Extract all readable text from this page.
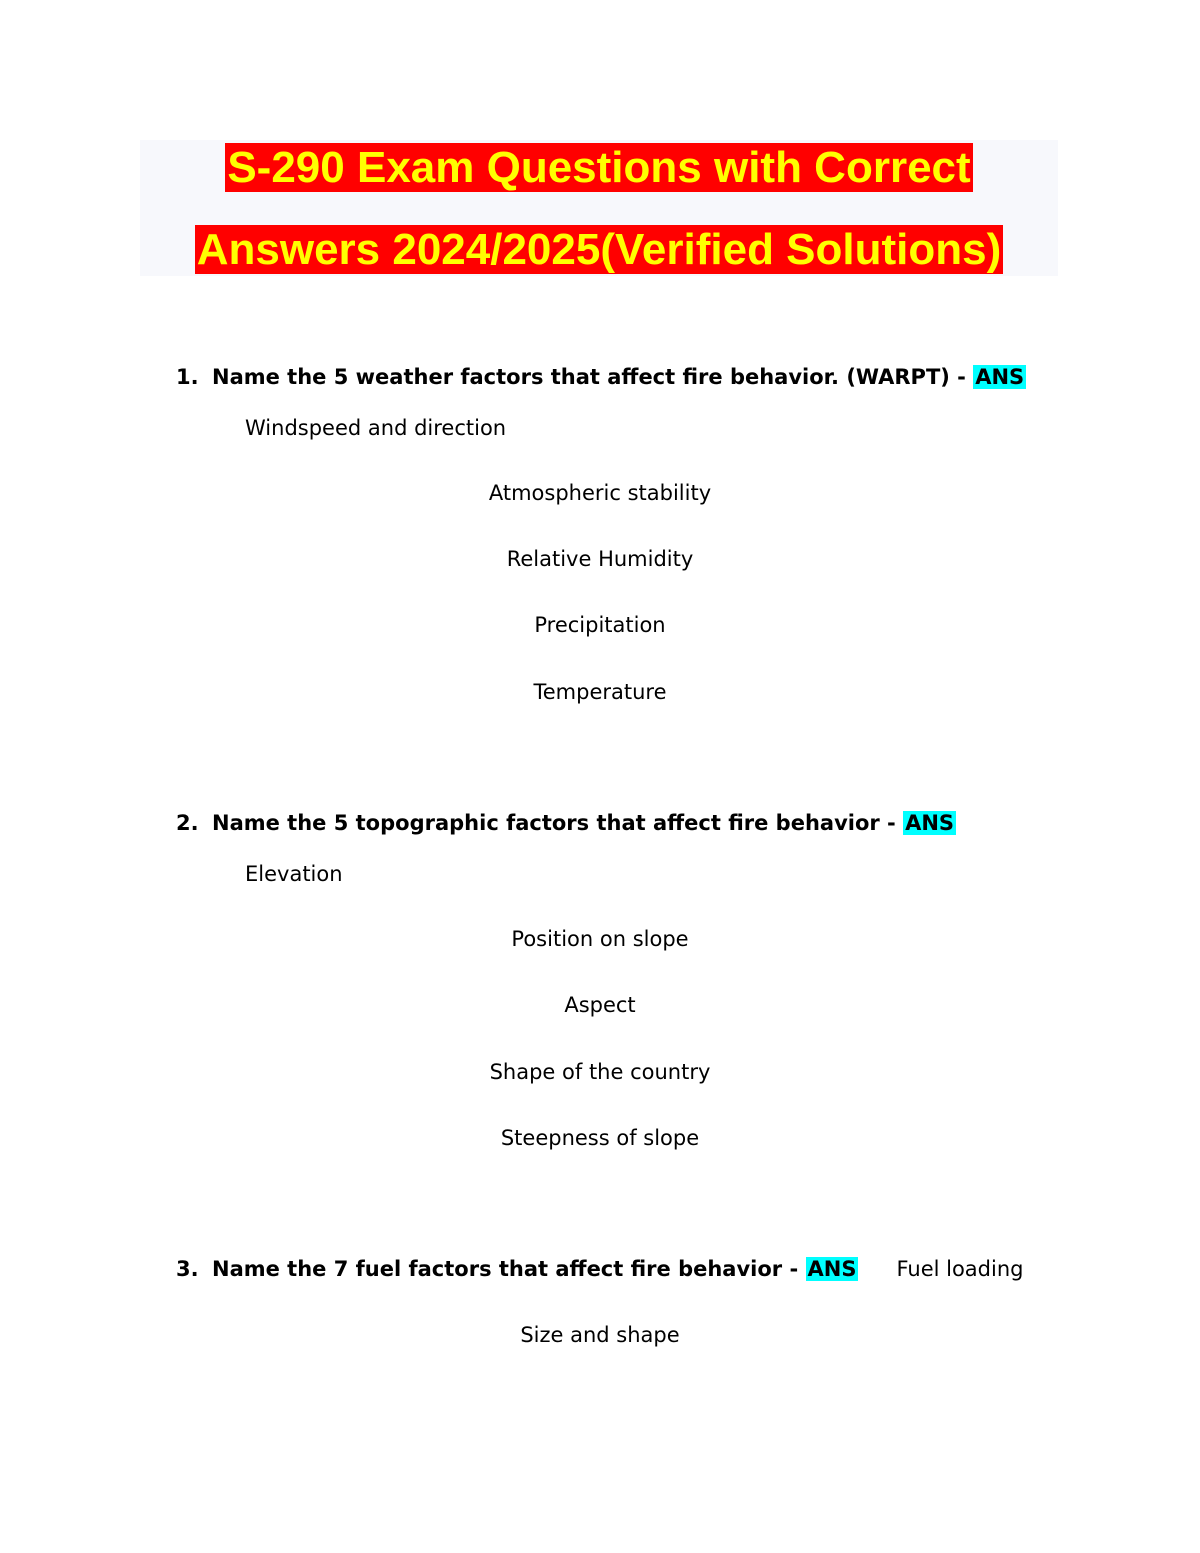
S-290 Exam Questions with Correct
Answers 2024/2025(Verified Solutions)
1. Name the 5 weather factors that affect fire behavior. (WARPT) - ANS
Windspeed and direction
Atmospheric stability
Relative Humidity
Precipitation
Temperature
2. Name the 5 topographic factors that affect fire behavior - ANS
Elevation
Position on slope
Aspect
Shape of the country
Steepness of slope
3. Name the 7 fuel factors that affect fire behavior - ANS Fuel loading
Size and shape
